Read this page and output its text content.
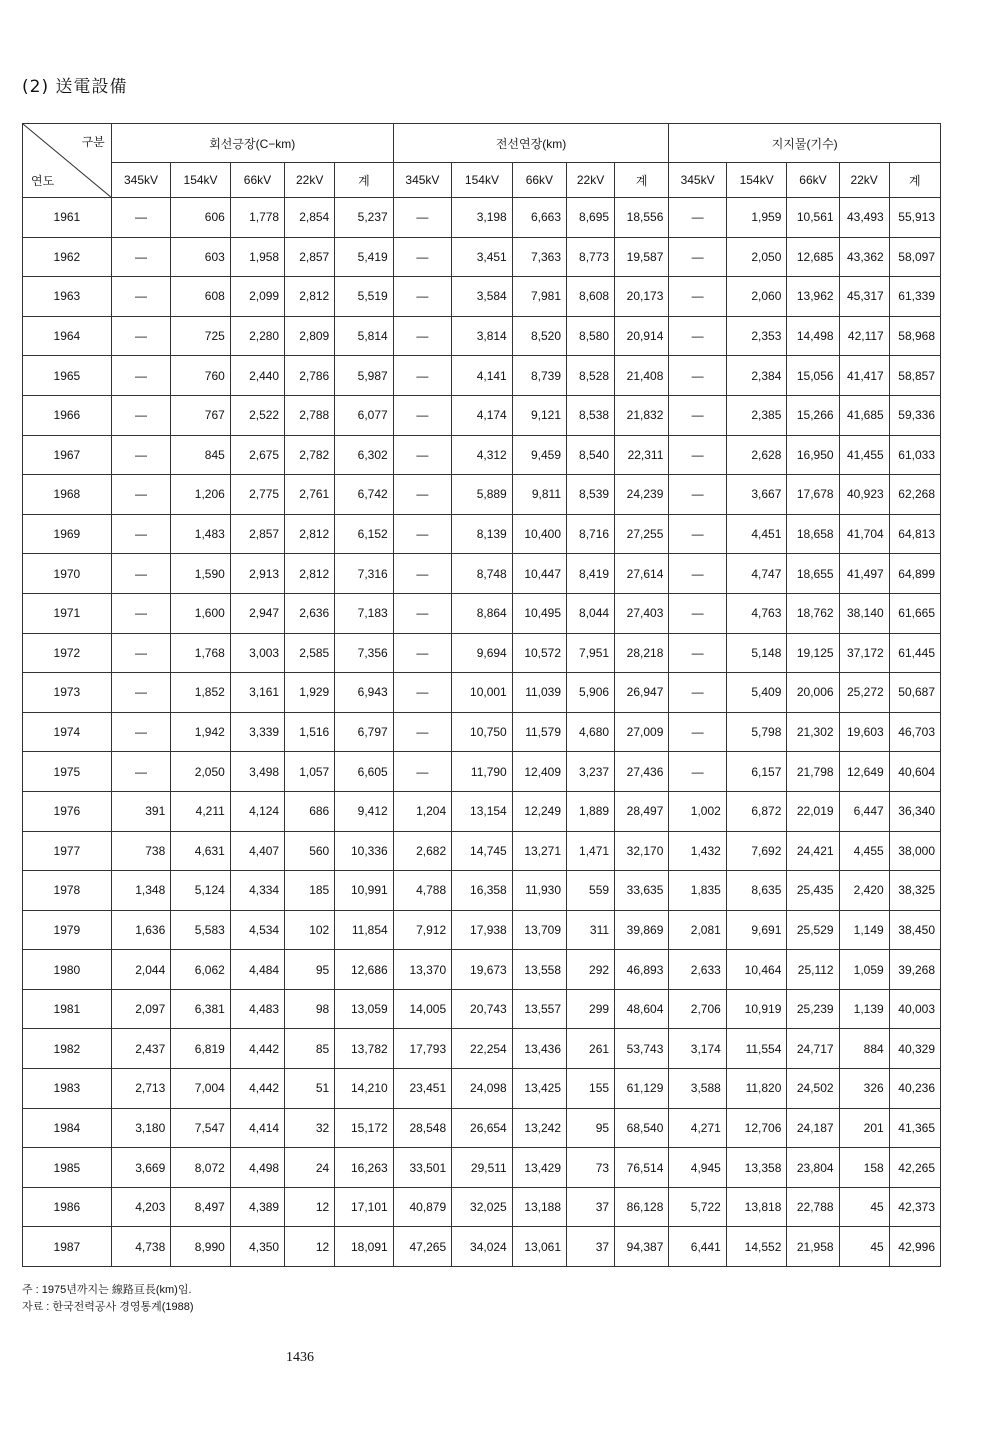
(2) 送電設備
구분
연도	회선긍장(C−km)					전선연장(km)					지지물(기수)				
	345kV	154kV	66kV	22kV	계	345kV	154kV	66kV	22kV	계	345kV	154kV	66kV	22kV	계
1961	—	606	1,778	2,854	5,237	—	3,198	6,663	8,695	18,556	—	1,959	10,561	43,493	55,913
1962	—	603	1,958	2,857	5,419	—	3,451	7,363	8,773	19,587	—	2,050	12,685	43,362	58,097
1963	—	608	2,099	2,812	5,519	—	3,584	7,981	8,608	20,173	—	2,060	13,962	45,317	61,339
1964	—	725	2,280	2,809	5,814	—	3,814	8,520	8,580	20,914	—	2,353	14,498	42,117	58,968
1965	—	760	2,440	2,786	5,987	—	4,141	8,739	8,528	21,408	—	2,384	15,056	41,417	58,857
1966	—	767	2,522	2,788	6,077	—	4,174	9,121	8,538	21,832	—	2,385	15,266	41,685	59,336
1967	—	845	2,675	2,782	6,302	—	4,312	9,459	8,540	22,311	—	2,628	16,950	41,455	61,033
1968	—	1,206	2,775	2,761	6,742	—	5,889	9,811	8,539	24,239	—	3,667	17,678	40,923	62,268
1969	—	1,483	2,857	2,812	6,152	—	8,139	10,400	8,716	27,255	—	4,451	18,658	41,704	64,813
1970	—	1,590	2,913	2,812	7,316	—	8,748	10,447	8,419	27,614	—	4,747	18,655	41,497	64,899
1971	—	1,600	2,947	2,636	7,183	—	8,864	10,495	8,044	27,403	—	4,763	18,762	38,140	61,665
1972	—	1,768	3,003	2,585	7,356	—	9,694	10,572	7,951	28,218	—	5,148	19,125	37,172	61,445
1973	—	1,852	3,161	1,929	6,943	—	10,001	11,039	5,906	26,947	—	5,409	20,006	25,272	50,687
1974	—	1,942	3,339	1,516	6,797	—	10,750	11,579	4,680	27,009	—	5,798	21,302	19,603	46,703
1975	—	2,050	3,498	1,057	6,605	—	11,790	12,409	3,237	27,436	—	6,157	21,798	12,649	40,604
1976	391	4,211	4,124	686	9,412	1,204	13,154	12,249	1,889	28,497	1,002	6,872	22,019	6,447	36,340
1977	738	4,631	4,407	560	10,336	2,682	14,745	13,271	1,471	32,170	1,432	7,692	24,421	4,455	38,000
1978	1,348	5,124	4,334	185	10,991	4,788	16,358	11,930	559	33,635	1,835	8,635	25,435	2,420	38,325
1979	1,636	5,583	4,534	102	11,854	7,912	17,938	13,709	311	39,869	2,081	9,691	25,529	1,149	38,450
1980	2,044	6,062	4,484	95	12,686	13,370	19,673	13,558	292	46,893	2,633	10,464	25,112	1,059	39,268
1981	2,097	6,381	4,483	98	13,059	14,005	20,743	13,557	299	48,604	2,706	10,919	25,239	1,139	40,003
1982	2,437	6,819	4,442	85	13,782	17,793	22,254	13,436	261	53,743	3,174	11,554	24,717	884	40,329
1983	2,713	7,004	4,442	51	14,210	23,451	24,098	13,425	155	61,129	3,588	11,820	24,502	326	40,236
1984	3,180	7,547	4,414	32	15,172	28,548	26,654	13,242	95	68,540	4,271	12,706	24,187	201	41,365
1985	3,669	8,072	4,498	24	16,263	33,501	29,511	13,429	73	76,514	4,945	13,358	23,804	158	42,265
1986	4,203	8,497	4,389	12	17,101	40,879	32,025	13,188	37	86,128	5,722	13,818	22,788	45	42,373
1987	4,738	8,990	4,350	12	18,091	47,265	34,024	13,061	37	94,387	6,441	14,552	21,958	45	42,996
주 : 1975년까지는 線路亘長(km)임.
자료 : 한국전력공사 경영통계(1988)
1436
